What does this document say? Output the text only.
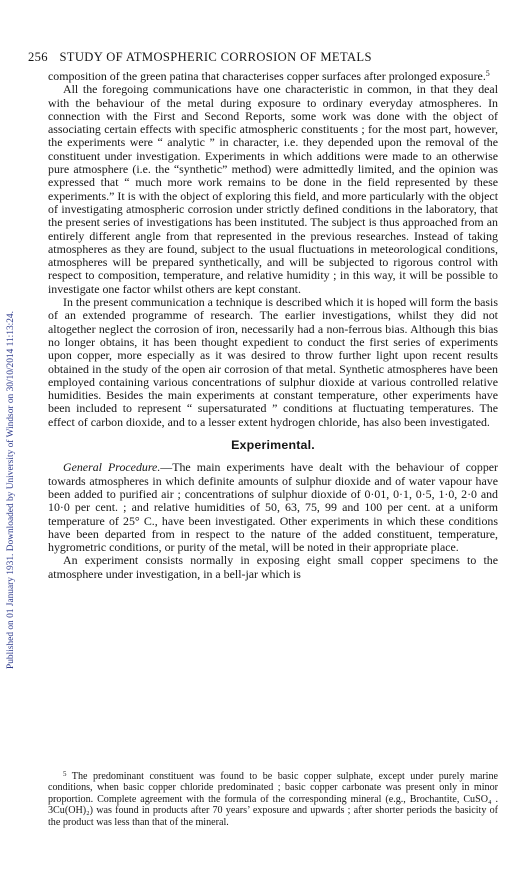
Published on 01 January 1931. Downloaded by University of Windsor on 30/10/2014 11:13:24.
256 STUDY OF ATMOSPHERIC CORROSION OF METALS

composition of the green patina that characterises copper surfaces after prolonged exposure.$^5$

All the foregoing communications have one characteristic in common, in that they deal with the behaviour of the metal during exposure to ordinary everyday atmospheres. In connection with the First and Second Reports, some work was done with the object of associating certain effects with specific atmospheric constituents ; for the most part, however, the experiments were “ analytic ” in character, i.e. they depended upon the removal of the constituent under investigation. Experiments in which additions were made to an otherwise pure atmosphere (i.e. the “synthetic” method) were admittedly limited, and the opinion was expressed that “ much more work remains to be done in the field represented by these experiments.” It is with the object of exploring this field, and more particularly with the object of investigating atmospheric corrosion under strictly defined conditions in the laboratory, that the present series of investigations has been instituted. The subject is thus approached from an entirely different angle from that represented in the previous researches. Instead of taking atmospheres as they are found, subject to the usual fluctuations in meteorological conditions, atmospheres will be prepared synthetically, and will be subjected to rigorous control with respect to composition, temperature, and relative humidity ; in this way, it will be possible to investigate one factor whilst others are kept constant.

In the present communication a technique is described which it is hoped will form the basis of an extended programme of research. The earlier investigations, whilst they did not altogether neglect the corrosion of iron, necessarily had a non-ferrous bias. Although this bias no longer obtains, it has been thought expedient to conduct the first series of experiments upon copper, more especially as it was desired to throw further light upon recent results obtained in the study of the open air corrosion of that metal. Synthetic atmospheres have been employed containing various concentrations of sulphur dioxide at various controlled relative humidities. Besides the main experiments at constant temperature, other experiments have been included to represent “ supersaturated ” conditions at fluctuating temperatures. The effect of carbon dioxide, and to a lesser extent hydrogen chloride, has also been investigated.

Experimental.

General Procedure.—The main experiments have dealt with the behaviour of copper towards atmospheres in which definite amounts of sulphur dioxide and of water vapour have been added to purified air ; concentrations of sulphur dioxide of 0·01, 0·1, 0·5, 1·0, 2·0 and 10·0 per cent. ; and relative humidities of 50, 63, 75, 99 and 100 per cent. at a uniform temperature of 25° C., have been investigated. Other experiments in which these conditions have been departed from in respect to the nature of the added constituent, temperature, hygrometric conditions, or purity of the metal, will be noted in their appropriate place.

An experiment consists normally in exposing eight small copper specimens to the atmosphere under investigation, in a bell-jar which is

$^5$ The predominant constituent was found to be basic copper sulphate, except under purely marine conditions, when basic copper chloride predominated ; basic copper carbonate was present only in minor proportion. Complete agreement with the formula of the corresponding mineral (e.g., Brochantite, CuSO₄ . 3Cu(OH)₂) was found in products after 70 years’ exposure and upwards ; after shorter periods the basicity of the product was less than that of the mineral.
